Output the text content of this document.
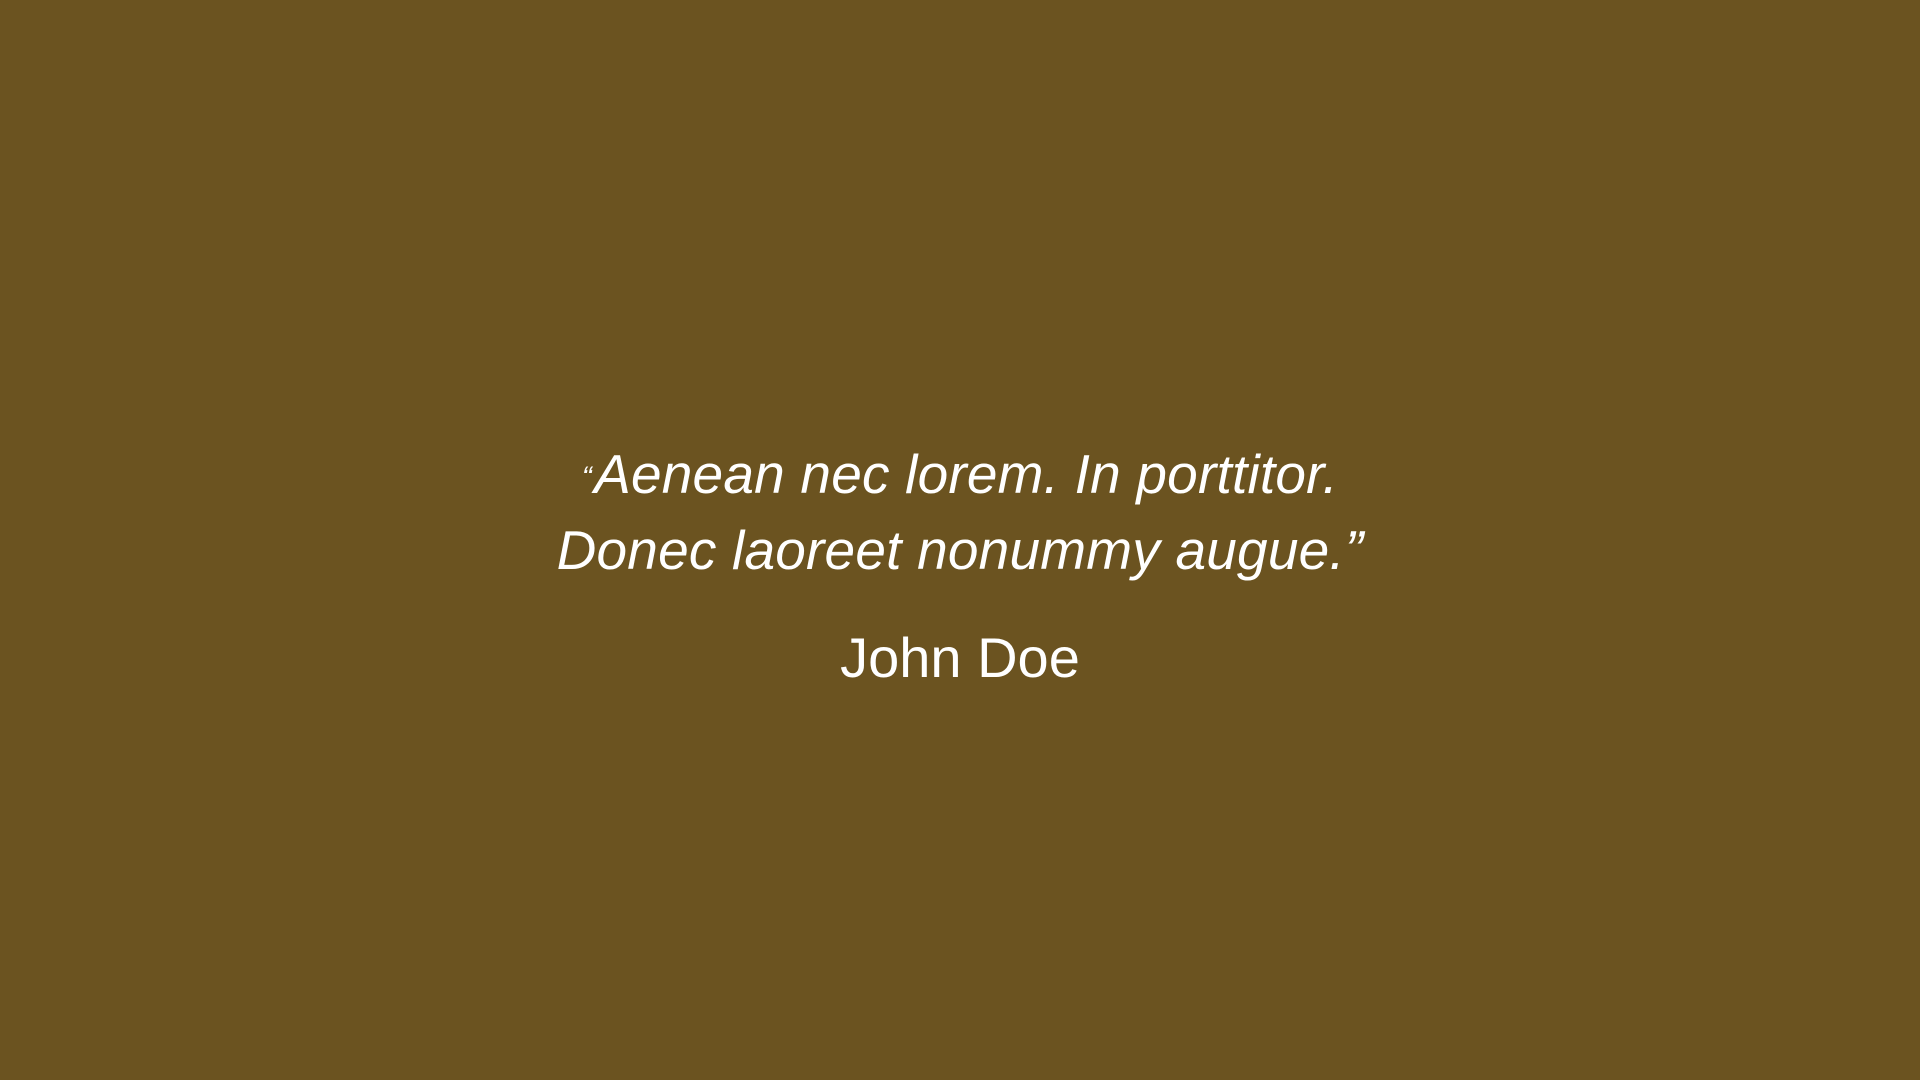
“Aenean nec lorem. In porttitor.
Donec laoreet nonummy augue.”

John Doe
